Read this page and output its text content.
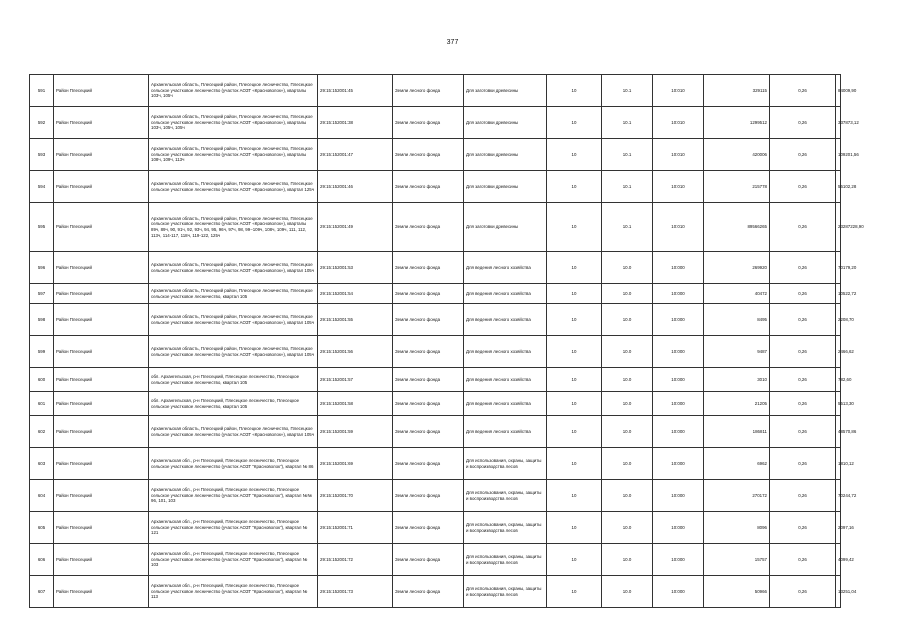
377
591	Район Плесецкий	Архангельская область, Плесецкий район, Плесецкое лесничество, Плесецкое сельское участковое лесничество (участок АОЗТ «Красноволок»), кварталы 103ч, 105ч	29:15:152001:45	Земли лесного фонда	Для заготовки древесины	10	10.1	10:010	329115	0,26	84009,90
592	Район Плесецкий	Архангельская область, Плесецкий район, Плесецкое лесничество, Плесецкое сельское участковое лесничество (участок АОЗТ «Красноволок»), кварталы 103ч, 105ч, 105ч	29:15:152001:38	Земли лесного фонда	Для заготовки древесины	10	10.1	10:010	1299512	0,26	337873,12
593	Район Плесецкий	Архангельская область, Плесецкий район, Плесецкое лесничество, Плесецкое сельское участковое лесничество (участок АОЗТ «Красноволок»), кварталы 108ч, 109ч, 113ч	29:15:152001:47	Земли лесного фонда	Для заготовки древесины	10	10.1	10:010	420006	0,26	109201,56
594	Район Плесецкий	Архангельская область, Плесецкий район, Плесецкое лесничество, Плесецкое сельское участковое лесничество (участок АОЗТ «Красноволок»), квартал 125ч	29:15:152001:46	Земли лесного фонда	Для заготовки древесины	10	10.1	10:010	215778	0,26	56102,28
595	Район Плесецкий	Архангельская область, Плесецкий район, Плесецкое лесничество, Плесецкое сельское участковое лесничество (участок АОЗТ «Красноволок»), кварталы 89ч, 89ч, 90, 91ч, 92, 93ч, 94, 95, 96ч, 97ч, 98, 99−109ч, 108ч, 109ч, 111, 112, 113ч, 114-117, 118ч, 119-122, 125ч	29:15:152001:49	Земли лесного фонда	Для заготовки древесины	10	10.1	10:010	89566265	0,26	23287228,90
596	Район Плесецкий	Архангельская область, Плесецкий район, Плесецкое лесничество, Плесецкое сельское участковое лесничество (участок АОЗТ «Красноволок»), квартал 105ч	29:15:152001:53	Земли лесного фонда	Для ведения лесного хозяйства	10	10.0	10:000	269920	0,26	70179,20
597	Район Плесецкий	Архангельская область, Плесецкий район, Плесецкое лесничество, Плесецкое сельское участковое лесничество, квартал 105	29:15:152001:54	Земли лесного фонда	Для ведения лесного хозяйства	10	10.0	10:000	40472	0,26	10522,72
598	Район Плесецкий	Архангельская область, Плесецкий район, Плесецкое лесничество, Плесецкое сельское участковое лесничество (участок АОЗТ «Красноволок»), квартал 105ч	29:15:152001:55	Земли лесного фонда	Для ведения лесного хозяйства	10	10.0	10:000	8495	0,26	2208,70
599	Район Плесецкий	Архангельская область, Плесецкий район, Плесецкое лесничество, Плесецкое сельское участковое лесничество (участок АОЗТ «Красноволок»), квартал 105ч	29:15:152001:56	Земли лесного фонда	Для ведения лесного хозяйства	10	10.0	10:000	9487	0,26	2466,62
600	Район Плесецкий	обл. Архангельская, р-н Плесецкий, Плесецкое лесничество, Плесецкое сельское участковое лесничество, квартал 105	29:15:152001:57	Земли лесного фонда	Для ведения лесного хозяйства	10	10.0	10:000	3010	0,26	782,60
601	Район Плесецкий	обл. Архангельская, р-н Плесецкий, Плесецкое лесничество, Плесецкое сельское участковое лесничество, квартал 105	29:15:152001:58	Земли лесного фонда	Для ведения лесного хозяйства	10	10.0	10:000	21205	0,26	5513,30
602	Район Плесецкий	Архангельская область, Плесецкий район, Плесецкое лесничество, Плесецкое сельское участковое лесничество (участок АОЗТ «Красноволок»), квартал 105ч	29:15:152001:59	Земли лесного фонда	Для ведения лесного хозяйства	10	10.0	10:000	186811	0,26	48570,86
603	Район Плесецкий	Архангельская обл., р-н Плесецкий, Плесецкое лесничество, Плесецкое сельское участковое лесничество (участок АОЗТ "Красноволок"), квартал № 86	29:15:152001:69	Земли лесного фонда	Для использования, охраны, защиты и воспроизводства лесов	10	10.0	10:000	6962	0,26	1810,12
604	Район Плесецкий	Архангельская обл., р-н Плесецкий, Плесецкое лесничество, Плесецкое сельское участковое лесничество (участок АОЗТ "Красноволок"), квартал №№ 96, 101, 103	29:15:152001:70	Земли лесного фонда	Для использования, охраны, защиты и воспроизводства лесов	10	10.0	10:000	270172	0,26	70244,72
605	Район Плесецкий	Архангельская обл., р-н Плесецкий, Плесецкое лесничество, Плесецкое сельское участковое лесничество (участок АОЗТ "Красноволок"), квартал № 121	29:15:152001:71	Земли лесного фонда	Для использования, охраны, защиты и воспроизводства лесов	10	10.0	10:000	8096	0,26	2097,16
606	Район Плесецкий	Архангельская обл., р-н Плесецкий, Плесецкое лесничество, Плесецкое сельское участковое лесничество (участок АОЗТ "Красноволок"), квартал № 103	29:15:152001:72	Земли лесного фонда	Для использования, охраны, защиты и воспроизводства лесов	10	10.0	10:000	15757	0,26	4099,42
607	Район Плесецкий	Архангельская обл., р-н Плесецкий, Плесецкое лесничество, Плесецкое сельское участковое лесничество (участок АОЗТ "Красноволок"), квартал № 113	29:15:152001:73	Земли лесного фонда	Для использования, охраны, защиты и воспроизводства лесов	10	10.0	10:000	50966	0,26	13251,04
